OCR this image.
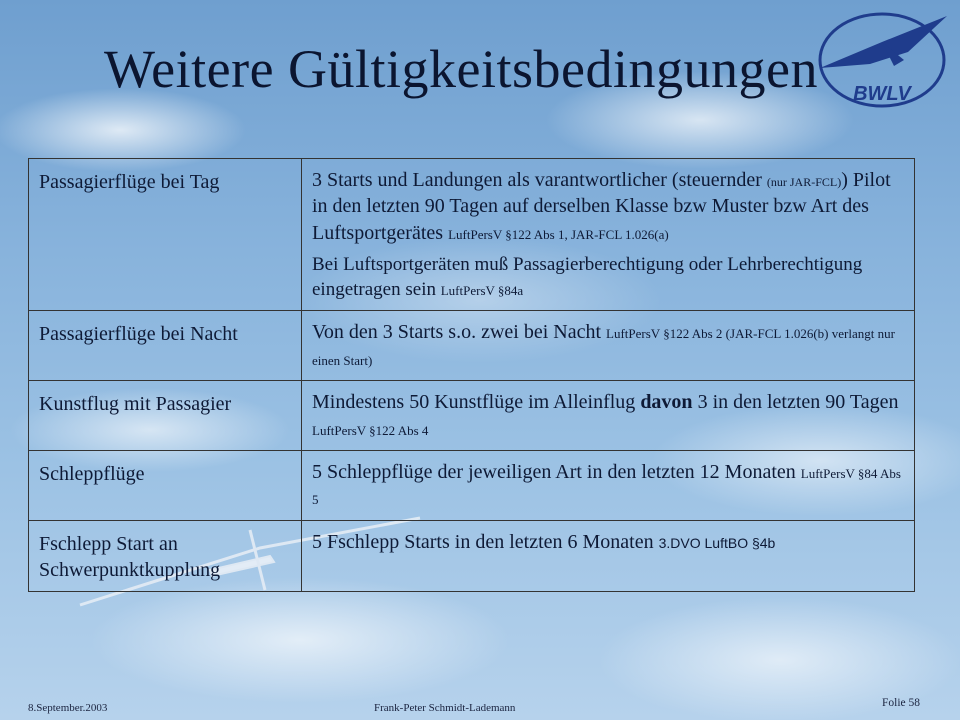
BWLV
Weitere Gültigkeitsbedingungen
Passagierflüge bei Tag	3 Starts und Landungen als varantwortlicher (steuernder (nur JAR-FCL)) Pilot in den letzten 90 Tagen auf derselben Klasse bzw Muster bzw Art des Luftsportgerätes LuftPersV §122 Abs 1, JAR-FCL 1.026(a)
Bei Luftsportgeräten muß Passagierberechtigung oder Lehrberechtigung eingetragen sein LuftPersV §84a

Passagierflüge bei Nacht	Von den 3 Starts s.o. zwei bei Nacht LuftPersV §122 Abs 2 (JAR-FCL 1.026(b) verlangt nur einen Start)
Kunstflug mit Passagier	Mindestens 50 Kunstflüge im Alleinflug davon 3 in den letzten 90 Tagen LuftPersV §122 Abs 4
Schleppflüge	5 Schleppflüge der jeweiligen Art in den letzten 12 Monaten LuftPersV §84 Abs 5
Fschlepp Start an Schwerpunktkupplung	5 Fschlepp Starts in den letzten 6 Monaten 3.DVO LuftBO §4b
8.September.2003	Frank-Peter Schmidt-Lademann	Folie 58
